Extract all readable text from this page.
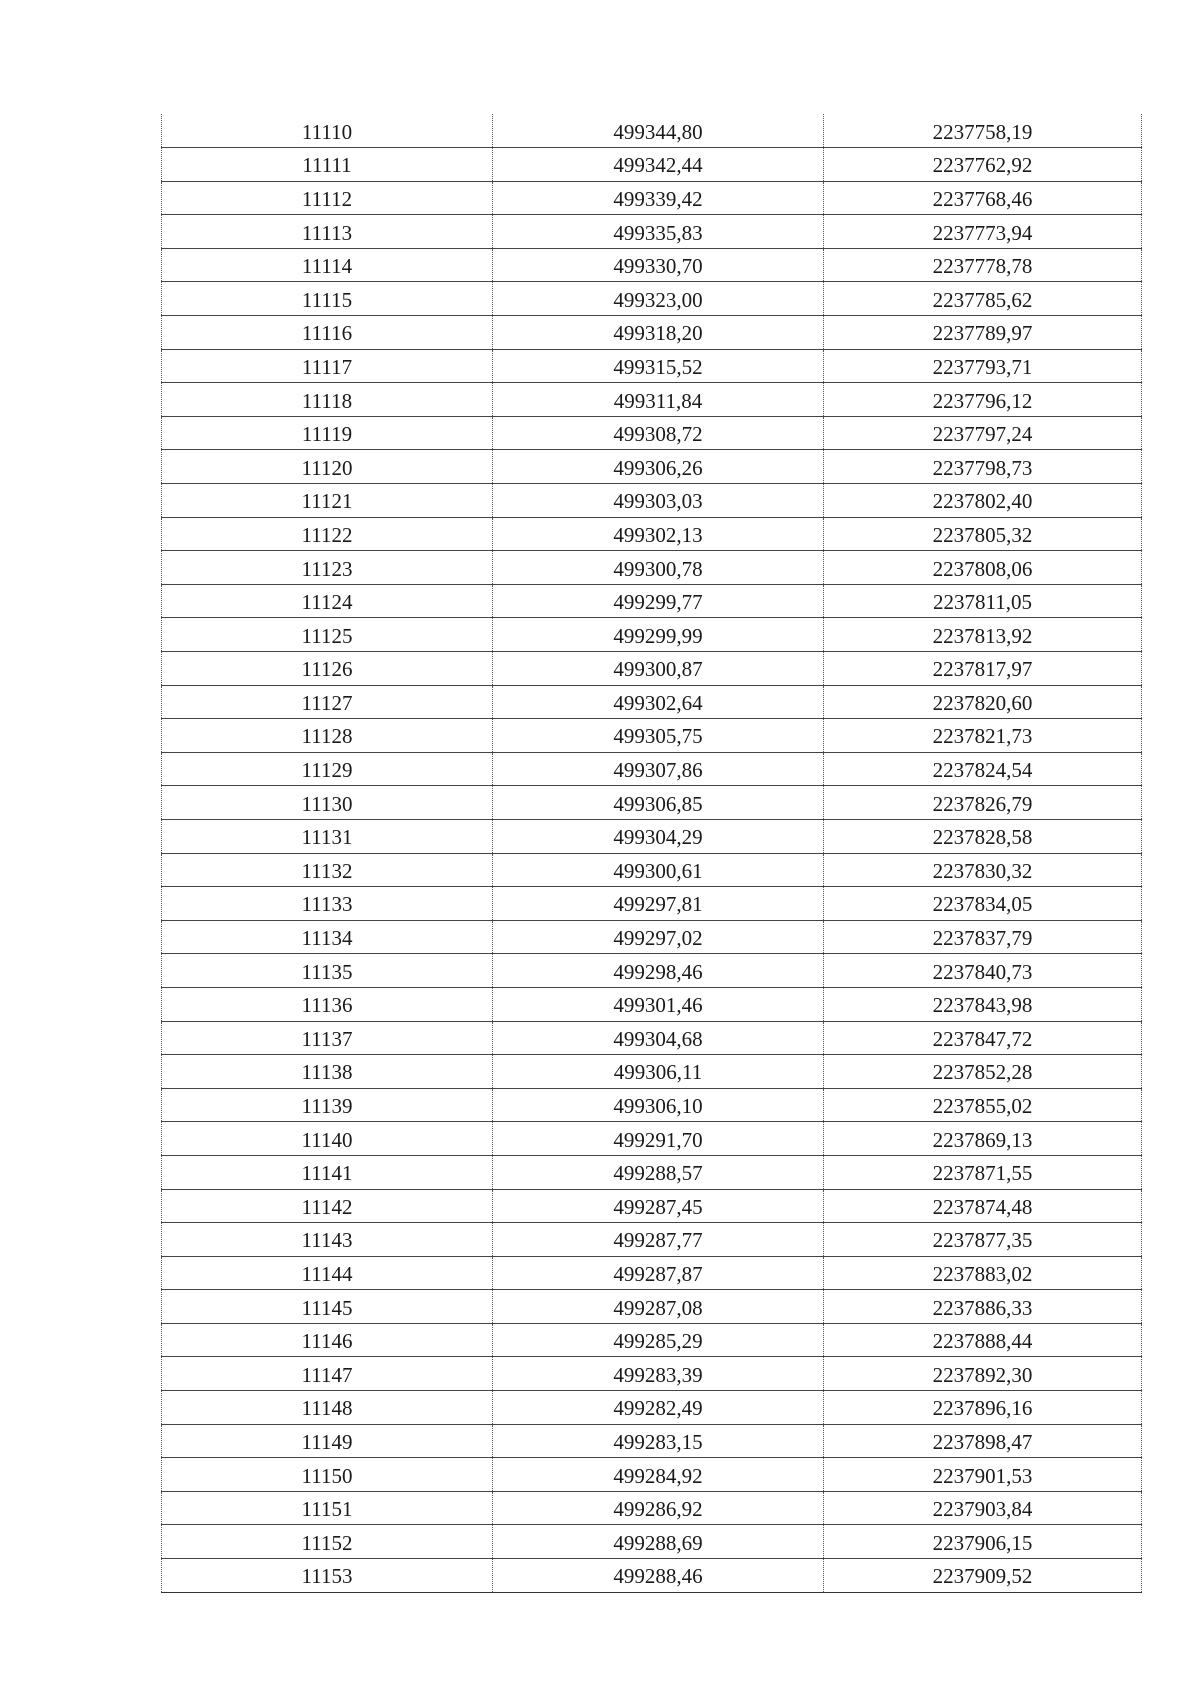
11110	499344,80	2237758,19
11111	499342,44	2237762,92
11112	499339,42	2237768,46
11113	499335,83	2237773,94
11114	499330,70	2237778,78
11115	499323,00	2237785,62
11116	499318,20	2237789,97
11117	499315,52	2237793,71
11118	499311,84	2237796,12
11119	499308,72	2237797,24
11120	499306,26	2237798,73
11121	499303,03	2237802,40
11122	499302,13	2237805,32
11123	499300,78	2237808,06
11124	499299,77	2237811,05
11125	499299,99	2237813,92
11126	499300,87	2237817,97
11127	499302,64	2237820,60
11128	499305,75	2237821,73
11129	499307,86	2237824,54
11130	499306,85	2237826,79
11131	499304,29	2237828,58
11132	499300,61	2237830,32
11133	499297,81	2237834,05
11134	499297,02	2237837,79
11135	499298,46	2237840,73
11136	499301,46	2237843,98
11137	499304,68	2237847,72
11138	499306,11	2237852,28
11139	499306,10	2237855,02
11140	499291,70	2237869,13
11141	499288,57	2237871,55
11142	499287,45	2237874,48
11143	499287,77	2237877,35
11144	499287,87	2237883,02
11145	499287,08	2237886,33
11146	499285,29	2237888,44
11147	499283,39	2237892,30
11148	499282,49	2237896,16
11149	499283,15	2237898,47
11150	499284,92	2237901,53
11151	499286,92	2237903,84
11152	499288,69	2237906,15
11153	499288,46	2237909,52
